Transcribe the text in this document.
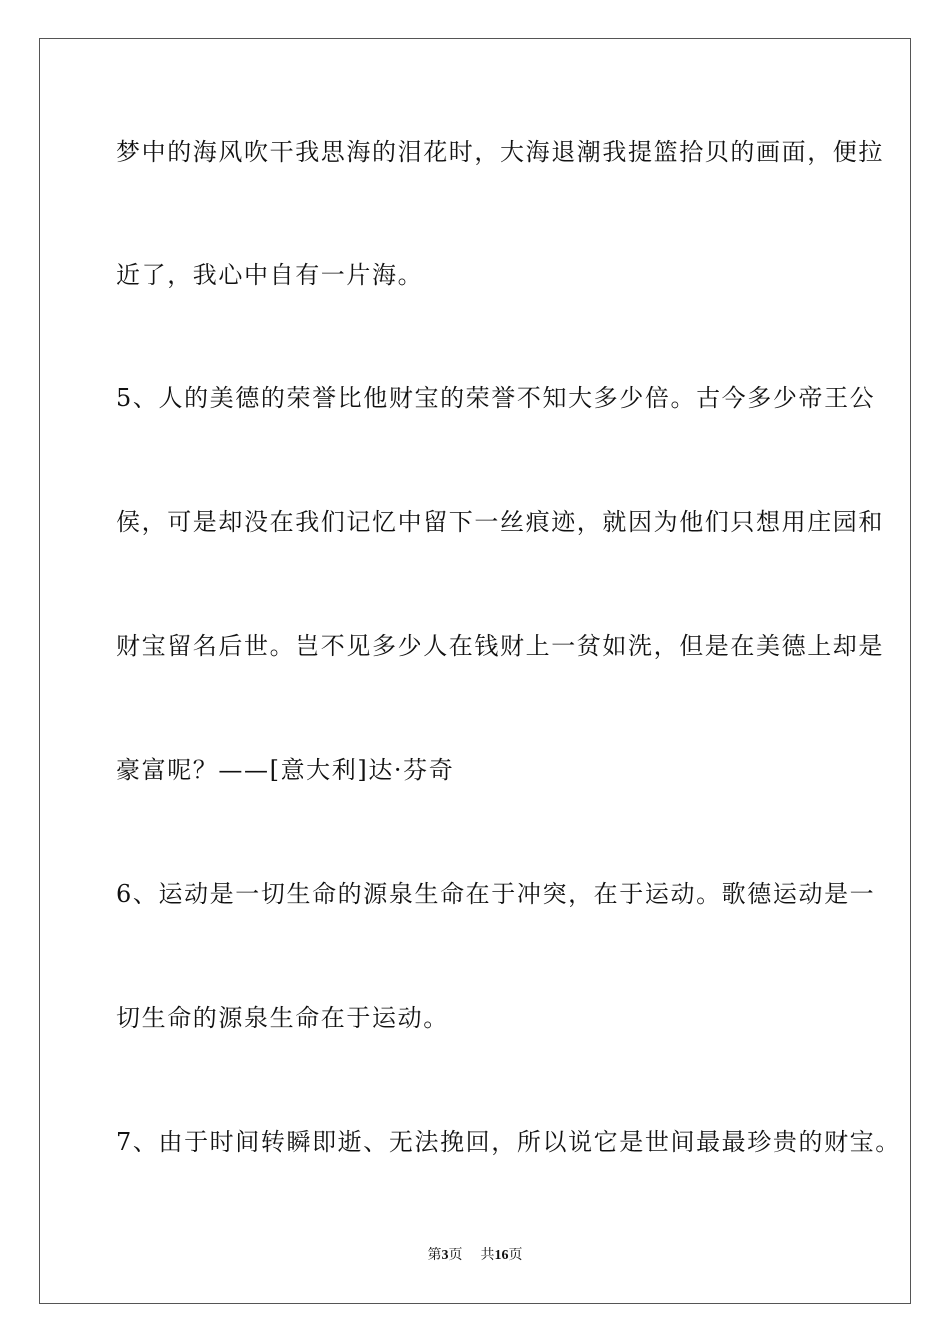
梦中的海风吹干我思海的泪花时，大海退潮我提篮拾贝的画面，便拉
近了，我心中自有一片海。
5、人的美德的荣誉比他财宝的荣誉不知大多少倍。古今多少帝王公
侯，可是却没在我们记忆中留下一丝痕迹，就因为他们只想用庄园和
财宝留名后世。岂不见多少人在钱财上一贫如洗，但是在美德上却是
豪富呢？——[意大利]达·芬奇
6、运动是一切生命的源泉生命在于冲突，在于运动。歌德运动是一
切生命的源泉生命在于运动。
7、由于时间转瞬即逝、无法挽回，所以说它是世间最最珍贵的财宝。
第3页 共16页
